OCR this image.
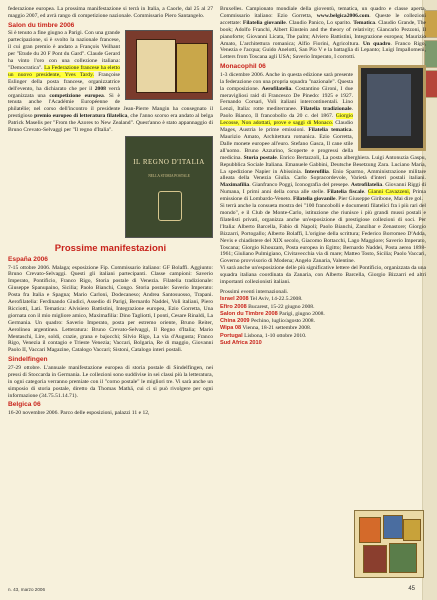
federazione europea. La prossima manifestazione si terrà in Italia, a Caorle, dal 25 al 27 maggio 2007, ed avrà rango di competizione nazionale. Commissario Piero Santangelo.

Salon du timbre 2006

Si è tenuto a fine giugno a Parigi. Con una grande partecipazione, si è svolto la nazionale francese, il cui gran premio è andato a François Veilhant per "Etude du 20 F Pont du Gard". Claude Gerard ha vinto l'oro con una collezione italiana: "Democratica". La Federazione francese ha eletto un nuovo presidente, Yves Tardy. Françoise Eslinger della posta francese, organizzatrice dell'evento, ha dichiarato che per il 2008 verrà organizzata una competizione europea. Si è tenuta anche l'Académie Européenne de philatélie; nel corso dell'incontro il presidente Jean-Pierre Mangin ha consegnato il prestigioso premio europeo di letteratura filatelica, che l'anno scorso era andato al belga Patrick Maselis per "From the Azores to New Zealand". Quest'anno è stato appannaggio di Bruno Crevato-Selvaggi per "Il regno d'Italia".

IL REGNO D'ITALIA
NELLA STORIA POSTALE
Prossime manifestazioni
España 2006

7-15 ottobre 2006. Malaga; esposizione Fip. Commissario italiano: GF Bolaffi. Aggiunto: Bruno Crevato-Selvaggi. Questi gli italiani partecipanti. Classe campioni: Saverio Imperato, Pontificio, Franco Rigo, Storia postale di Venezia. Filatelia tradizionale: Giuseppe Spanupaino, Sicilia; Paolo Bianchi, Congo. Storia postale: Saverio Imperato: Posta fra Italia e Spagna; Mario Carloni, Dodecaneso; Andrea Santosuosso, Trapani. Aerofilatelia: Ferdinando Giudici, Assedio di Parigi, Bernardo Naddei, Voli italiani, Piero Ricciotti, Lati. Tematica: Alvisiero Battistini, Integrazione europea, Ezio Gorretta, Una giornata con il mio migliore amico, Maximafilia: Dino Tagliotti, I ponti, Cesare Rinaldi, La Germania. Un quadro: Saverio Imperato, posta per estremo oriente, Bruno Reiter, Aerolinea argentinea. Letteratura: Bruno Crevato-Selvaggi, Il Regno d'Italia; Mario Mentaschi, Lire, soldi, crazie, grana e bajocchi; Silvio Rigo, La via d'Augusta; Franco Rigo, Venezia il contagio e Trieste Venezia; Vaccari, Bolgaria, Re di maggio, Giovanni Paolo II, Vaccari Magazine, Catalogo Vaccari; Sistoni, Catalogo interi postali.

Sindelfingen

27-29 ottobre. L'annuale manifestazione europea di storia postale di Sindelfingen, nei pressi di Stoccarda in Germania. Le collezioni sono suddivise in sei classi più la letteratura, in ogni categoria verranno premiate con il "corno postale" le migliori tre. Vi sarà anche un simposio di storia postale, diretto da Thomas Mathä, cui ci si può rivolgere per ogni informazione (34.75.51.14.71).

Belgica 06

16-20 novembre 2006. Parco delle esposizioni, palazzi 11 e 12,

Bruxelles. Campionato mondiale della gioventù, tematica, un quadro e classe aperta. Commissario italiano: Ezio Gorretta, www.belgica2006.com. Queste le collezioni accettate: Filatelia giovanile. Claudio Panico, Lo sparito. Tematica. Claudio Grande, The book; Adolfo Franchi, Albert Einstein and the theory of relativity; Giancarlo Pezzoni, Il pianoforte; Giovanni Licata, The palm; Alviero Battistini, Integrazione europea; Maurizio Amato, L'architettura romanica; Alfio Fiorini, Agricoltura. Un quadro. Franco Rigo, Venezia e l'acqua; Guido Anelotti, San Pio V e la battaglia di Lepanto; Luigi Impallomeni, Letters from Toscana agli USA; Saverio Imperato, I corrotti.

Monacophil 06

1-3 dicembre 2006. Anche in questa edizione sarà presente la federazione con una propria squadra "nazionale". Questa la composizione. Aerofilatelia. Costantino Gironi, I due meravigliosi raid di Francesco De Pinedo: 1925 e 1927. Fernando Corsari, Voli italiani intercontinentali. Lino Lenzi, Italia: rotte mediterranee. Filatelia tradizionale. Paolo Bianco, Il francobollo da 20 c. del 1867. Giorgio Lecosse, Non adottati, prove e saggi di Monaco. Claudio Mages, Austria le prime emissioni. Filatelia tematica. Maurizio Amato, Architettura romanica. Ezio Gorretta, Dalle monete europee all'euro. Stefano Gasca, Il cane stile all'uomo. Bruno Azzurino, Scoperte e progressi della medicina. Storia postale. Enrico Bertazzoli, La posta alberghiera. Luigi Antonuzia Gaspu, Repubblica Sociale Italiana. Emanuele Gabbini, Deutsche Besetzung Zara. Luciano Maria, La spedizione Napier in Abissinia. Interofilia. Enio Sparmo, Amministrazione militare alleata della Venezia Giulia. Carlo Sopracordevole, Varietà d'interi postali italiani. Maximafilia. Gianfranco Poggi, Iconografia del presepe. Astrofilatelia. Giovanni Riggi di Numana, I primi anni della corsa alle stelle. Filatelia fiscale. Gianni Cavazzeni, Prima emissione di Lombardo-Veneto. Filatelia giovanile. Pier Giuseppe Giribone, Mai dire gol.

Si terrà anche la consueta mostra dei "100 francobolli e documenti filatelici fra i più rari del mondo", e il Club de Monte-Carlo, istituzione che riunisce i più grandi mussi postali e filatelisti privati, organizza anche un'esposizione di prestigiose collezioni di soci. Per l'Italia: Alberto Barcella, Fabio di Napoli; Paolo Bianchi, Zanzibar e Zenastore; Giorgio Bizzarri, Portogallo; Alberto Bolaffi, L'origine della scrittura; Federico Borromeo D'Adda, Nevis e chiadistere del XIX secolo, Giacomo Bottacchi, Lago Maggiore; Saverio Imperato, Toscana; Giorgio Khouzam, Posta europea in Egitto; Bernardo Naddei, Posta aerea 1898-1961; Giuliano Pulmigiano, Civitavecchia via di mare; Matteo Tosto, Sicilia; Paolo Vaccari, Governo provvisorio di Modena; Angelo Zanaria, Valentine.

Vi sarà anche un'esposizione delle più significative lettere del Pontificio, organizzata da una squadra italiana coordinata da Zanaria, con Alberto Barcella, Giorgio Bizzarri ed altri importanti collezionisti italiani.

Prossimi eventi internazionali.

Israel 2008 Tel Aviv, 14-22.5.2008.

Efiro 2008 Bucarest, 15-22 giugno 2008.

Salon du Timbre 2008 Parigi, giugno 2008.

China 2009 Pechino, luglio/agosto 2008.

Wipa 08 Vienna, 18-21 settembre 2008.

Portugal Lisbona, 1-10 ottobre 2010.

Sud Africa 2010

n. 43, marzo 2006	45
